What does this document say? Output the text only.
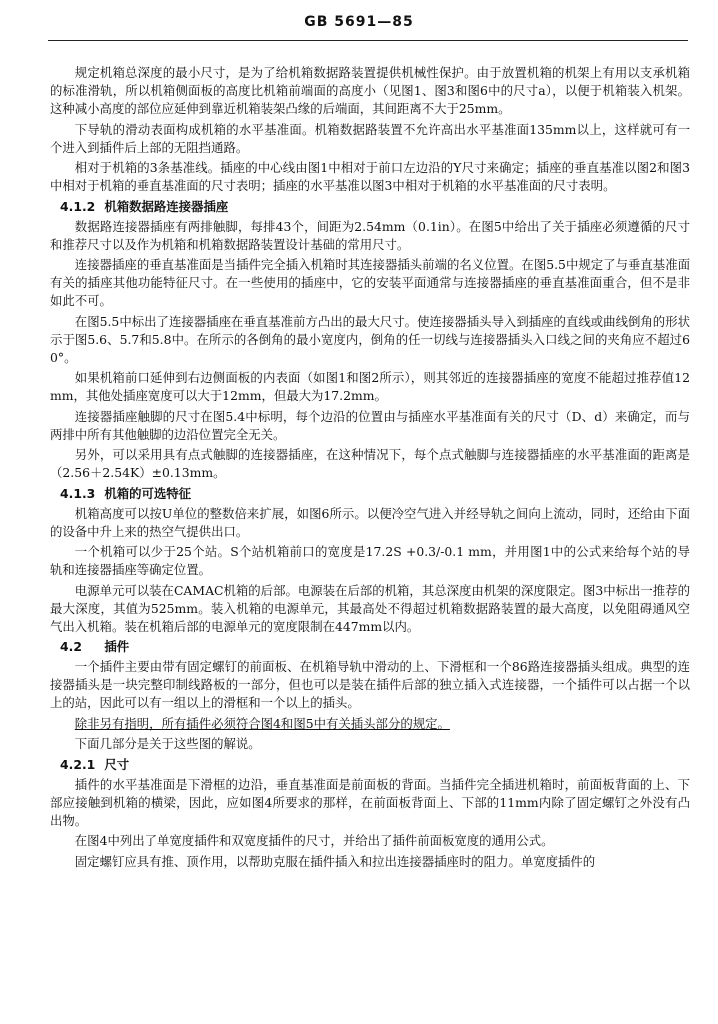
GB 5691—85

规定机箱总深度的最小尺寸，是为了给机箱数据路装置提供机械性保护。由于放置机箱的机架上有用以支承机箱的标准滑轨，所以机箱侧面板的高度比机箱前端面的高度小（见图1、图3和图6中的尺寸a），以便于机箱装入机架。这种减小高度的部位应延伸到靠近机箱装架凸缘的后端面，其间距离不大于25mm。

下导轨的滑动表面构成机箱的水平基准面。机箱数据路装置不允许高出水平基准面135mm以上，这样就可有一个进入到插件后上部的无阻挡通路。

相对于机箱的3条基准线。插座的中心线由图1中相对于前口左边沿的Y尺寸来确定；插座的垂直基准以图2和图3中相对于机箱的垂直基准面的尺寸表明；插座的水平基准以图3中相对于机箱的水平基准面的尺寸表明。

4.1.2 机箱数据路连接器插座

数据路连接器插座有两排触脚，每排43个，间距为2.54mm（0.1in）。在图5中给出了关于插座必须遵循的尺寸和推荐尺寸以及作为机箱和机箱数据路装置设计基础的常用尺寸。

连接器插座的垂直基准面是当插件完全插入机箱时其连接器插头前端的名义位置。在图5.5中规定了与垂直基准面有关的插座其他功能特征尺寸。在一些使用的插座中，它的安装平面通常与连接器插座的垂直基准面重合，但不是非如此不可。

在图5.5中标出了连接器插座在垂直基准前方凸出的最大尺寸。使连接器插头导入到插座的直线或曲线倒角的形状示于图5.6、5.7和5.8中。在所示的各倒角的最小宽度内，倒角的任一切线与连接器插头入口线之间的夹角应不超过60°。

如果机箱前口延伸到右边侧面板的内表面（如图1和图2所示），则其邻近的连接器插座的宽度不能超过推荐值12mm，其他处插座宽度可以大于12mm，但最大为17.2mm。

连接器插座触脚的尺寸在图5.4中标明，每个边沿的位置由与插座水平基准面有关的尺寸（D、d）来确定，而与两排中所有其他触脚的边沿位置完全无关。

另外，可以采用具有点式触脚的连接器插座，在这种情况下，每个点式触脚与连接器插座的水平基准面的距离是（2.56＋2.54K）±0.13mm。

4.1.3 机箱的可选特征

机箱高度可以按U单位的整数倍来扩展，如图6所示。以便冷空气进入并经导轨之间向上流动，同时，还给由下面的设备中升上来的热空气提供出口。

一个机箱可以少于25个站。S个站机箱前口的宽度是17.2S +0.3/-0.1 mm，并用图1中的公式来给每个站的导轨和连接器插座等确定位置。

电源单元可以装在CAMAC机箱的后部。电源装在后部的机箱，其总深度由机架的深度限定。图3中标出一推荐的最大深度，其值为525mm。装入机箱的电源单元，其最高处不得超过机箱数据路装置的最大高度，以免阻碍通风空气出入机箱。装在机箱后部的电源单元的宽度限制在447mm以内。

4.2 插件

一个插件主要由带有固定螺钉的前面板、在机箱导轨中滑动的上、下滑框和一个86路连接器插头组成。典型的连接器插头是一块完整印制线路板的一部分，但也可以是装在插件后部的独立插入式连接器，一个插件可以占据一个以上的站，因此可以有一组以上的滑框和一个以上的插头。

除非另有指明，所有插件必须符合图4和图5中有关插头部分的规定。

下面几部分是关于这些图的解说。

4.2.1 尺寸

插件的水平基准面是下滑框的边沿，垂直基准面是前面板的背面。当插件完全插进机箱时，前面板背面的上、下部应接触到机箱的横梁，因此，应如图4所要求的那样，在前面板背面上、下部的11mm内除了固定螺钉之外没有凸出物。

在图4中列出了单宽度插件和双宽度插件的尺寸，并给出了插件前面板宽度的通用公式。

固定螺钉应具有推、顶作用，以帮助克服在插件插入和拉出连接器插座时的阻力。单宽度插件的
